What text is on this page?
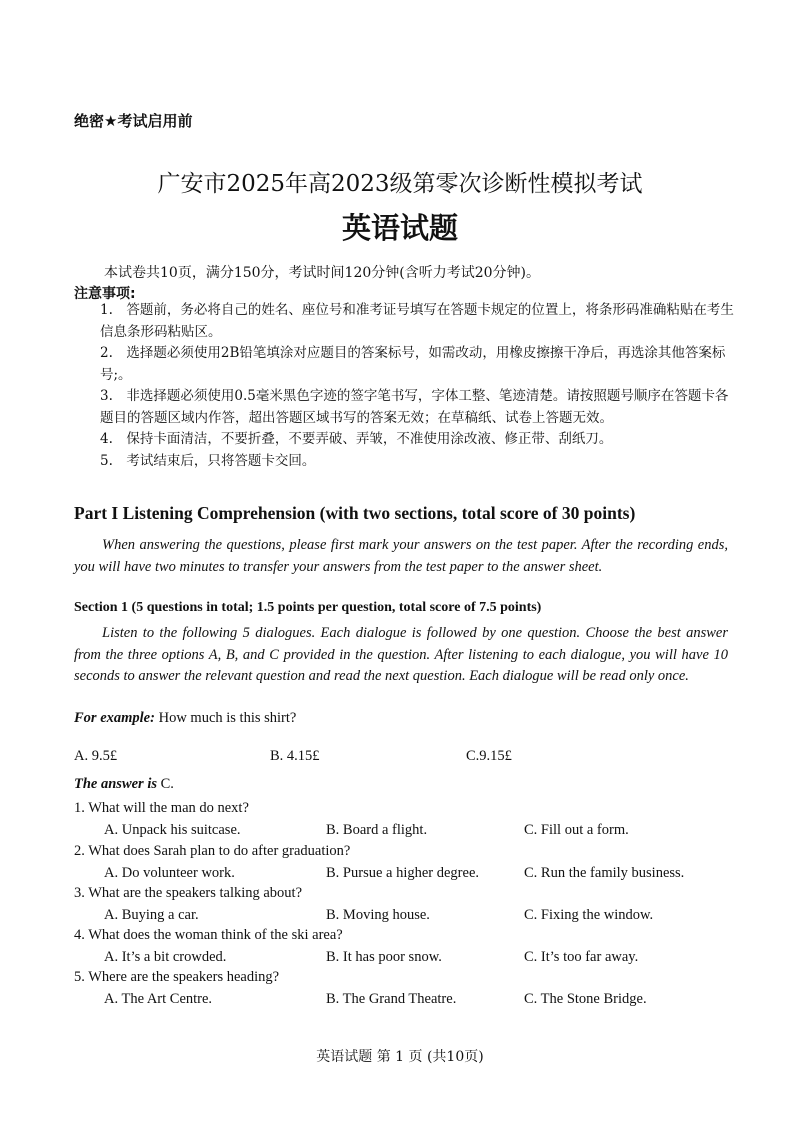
绝密★考试启用前
广安市2025年高2023级第零次诊断性模拟考试
英语试题
本试卷共10页，满分150分，考试时间120分钟(含听力考试20分钟)。
注意事项:

1.　答题前，务必将自己的姓名、座位号和准考证号填写在答题卡规定的位置上，将条形码准确粘贴在考生信息条形码粘贴区。

2.　选择题必须使用2B铅笔填涂对应题目的答案标号，如需改动，用橡皮擦擦干净后，再选涂其他答案标号;。

3.　非选择题必须使用0.5毫米黑色字迹的签字笔书写，字体工整、笔迹清楚。请按照题号顺序在答题卡各题目的答题区域内作答，超出答题区域书写的答案无效；在草稿纸、试卷上答题无效。

4.　保持卡面清洁，不要折叠，不要弄破、弄皱，不准使用涂改液、修正带、刮纸刀。

5.　考试结束后，只将答题卡交回。

Part I Listening Comprehension (with two sections, total score of 30 points)
When answering the questions, please first mark your answers on the test paper. After the recording ends, you will have two minutes to transfer your answers from the test paper to the answer sheet.
Section 1 (5 questions in total; 1.5 points per question, total score of 7.5 points)
Listen to the following 5 dialogues. Each dialogue is followed by one question. Choose the best answer from the three options A, B, and C provided in the question. After listening to each dialogue, you will have 10 seconds to answer the relevant question and read the next question. Each dialogue will be read only once.
For example: How much is this shirt?
A. 9.5£	B. 4.15£	C.9.15£
The answer is C.
1. What will the man do next?
A. Unpack his suitcase.	B. Board a flight.	C. Fill out a form.
2. What does Sarah plan to do after graduation?
A. Do volunteer work.	B. Pursue a higher degree.	C. Run the family business.
3. What are the speakers talking about?
A. Buying a car.	B. Moving house.	C. Fixing the window.
4. What does the woman think of the ski area?
A. It’s a bit crowded.	B. It has poor snow.	C. It’s too far away.
5. Where are the speakers heading?
A. The Art Centre.	B. The Grand Theatre.	C. The Stone Bridge.
英语试题 第 1 页 (共10页)
